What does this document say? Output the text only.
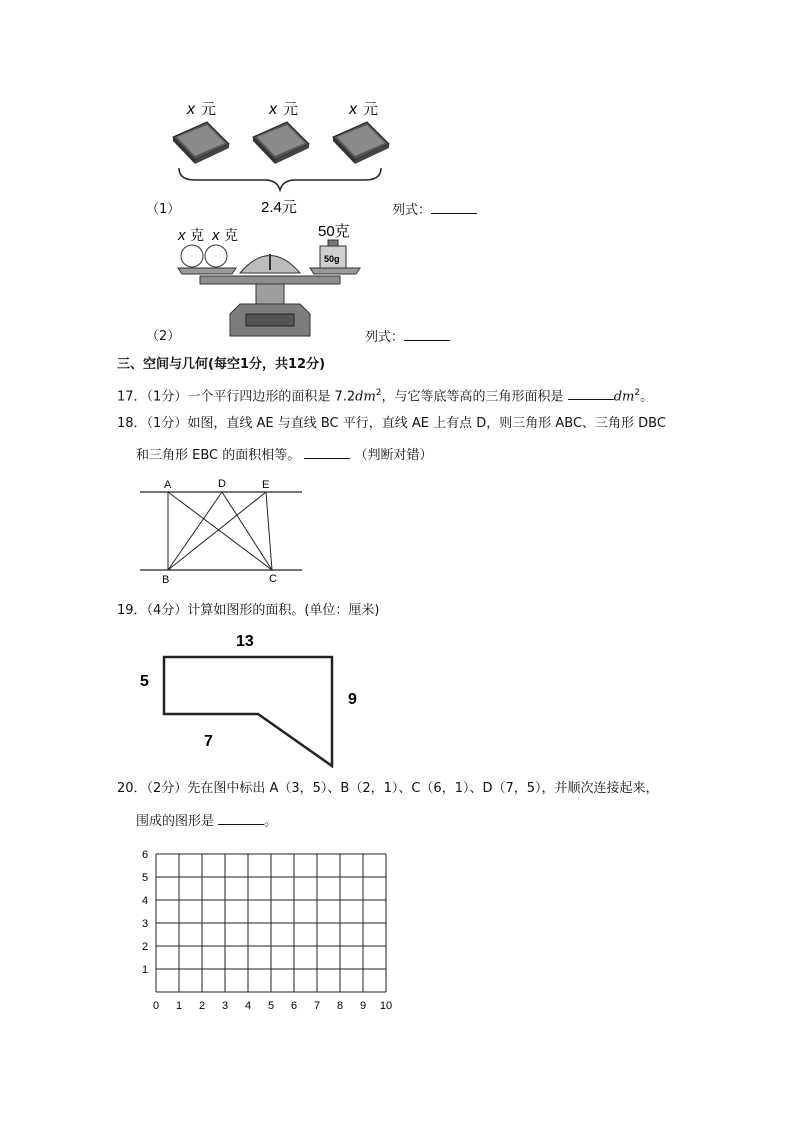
x 元	x 元	x 元
2.4元
（1）	列式：
x 克 x 克	50克
50g
（2）	列式：
三、空间与几何(每空1分，共12分)
17．（1分）一个平行四边形的面积是 $7.2dm^2$，与它等底等高的三角形面积是	$dm^2$。
18．（1分）如图，直线 AE 与直线 BC 平行，直线 AE 上有点 D，则三角形 ABC、三角形 DBC
和三角形 EBC 的面积相等。	（判断对错）
A	D	E
B	C
19．（4分）计算如图形的面积。(单位：厘米)
13
5
9
7
20．（2分）先在图中标出 A（3，5）、B（2，1）、C（6，1）、D（7，5），并顺次连接起来，
围成的图形是	。
0 1 2 3 4 5 6 7 8 9 10
1
2
3
4
5
6
